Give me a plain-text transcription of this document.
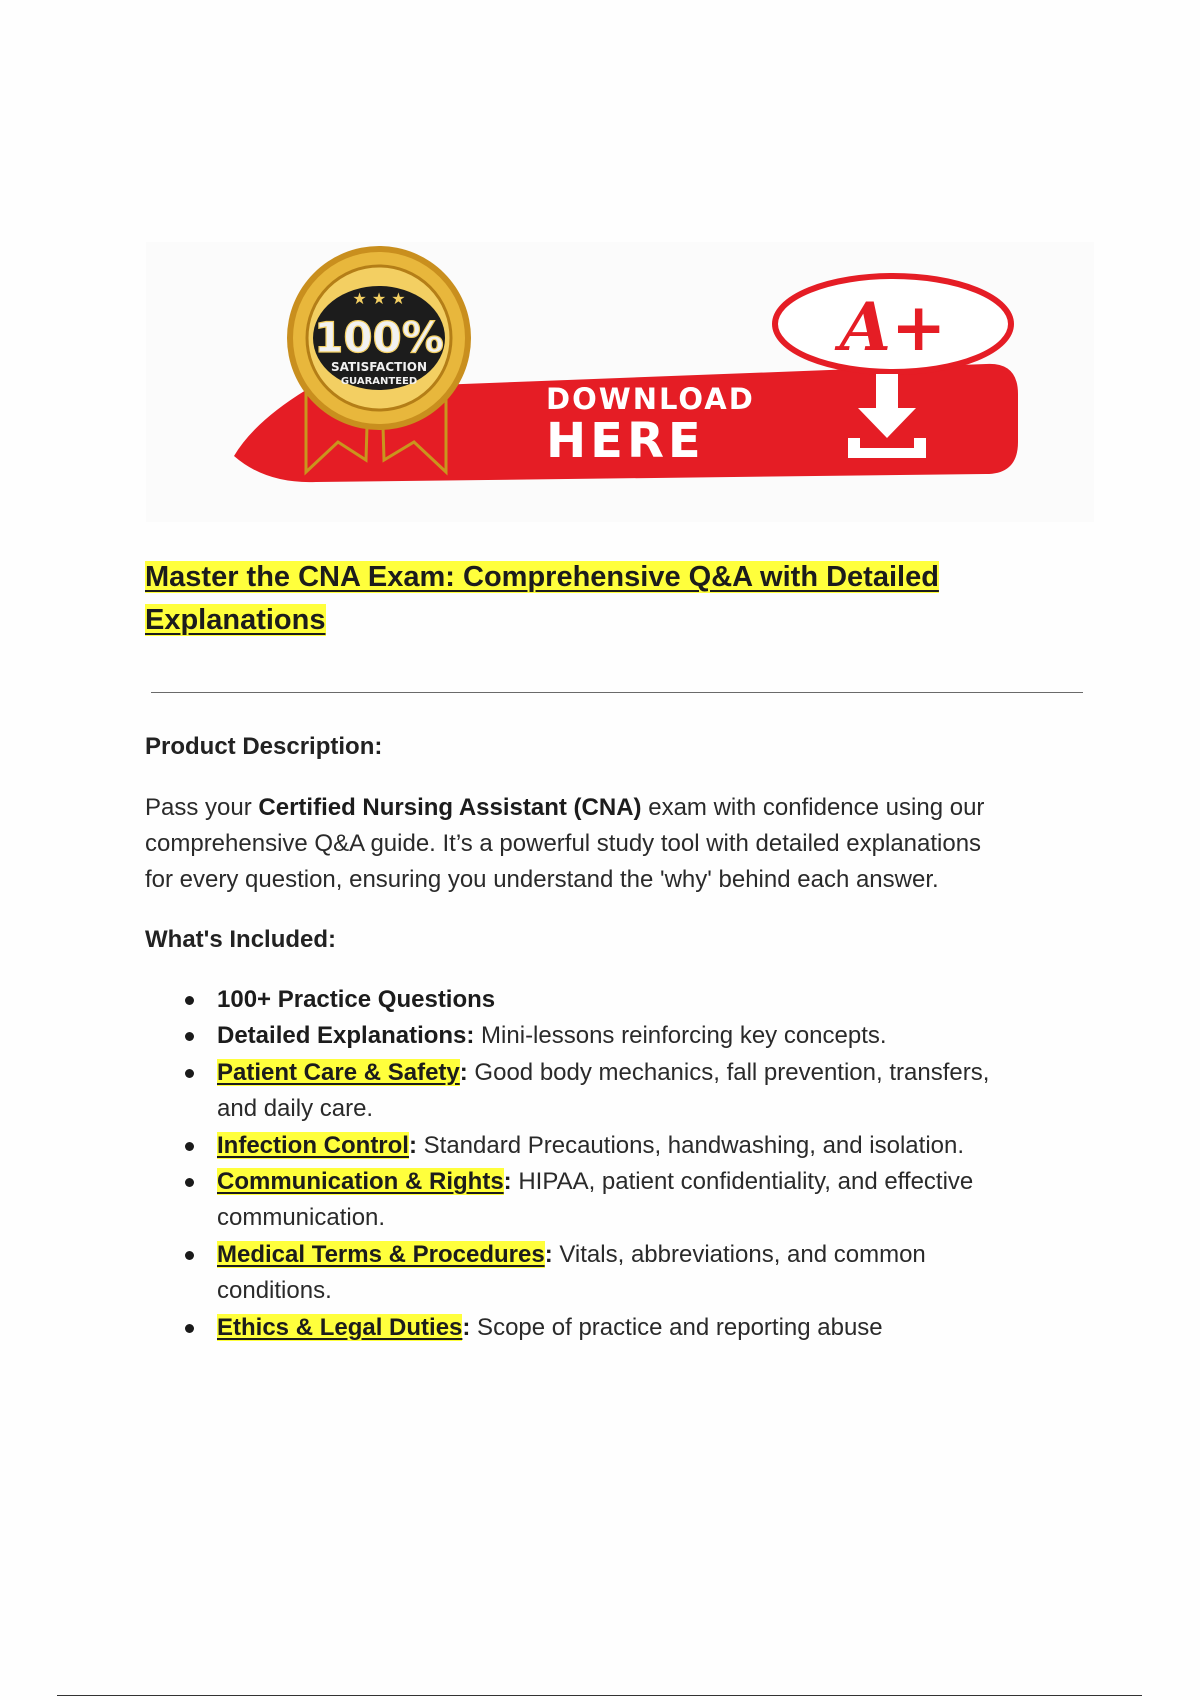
★ ★ ★
100%
SATISFACTION
GUARANTEED
A+
DOWNLOAD
HERE
Master the CNA Exam: Comprehensive Q&A with Detailed
Explanations
Product Description:
Pass your Certified Nursing Assistant (CNA) exam with confidence using our
comprehensive Q&A guide. It’s a powerful study tool with detailed explanations
for every question, ensuring you understand the 'why' behind each answer.
What's Included:
100+ Practice Questions
Detailed Explanations: Mini-lessons reinforcing key concepts.
Patient Care & Safety: Good body mechanics, fall prevention, transfers,
and daily care.
Infection Control: Standard Precautions, handwashing, and isolation.
Communication & Rights: HIPAA, patient confidentiality, and effective
communication.
Medical Terms & Procedures: Vitals, abbreviations, and common
conditions.
Ethics & Legal Duties: Scope of practice and reporting abuse
